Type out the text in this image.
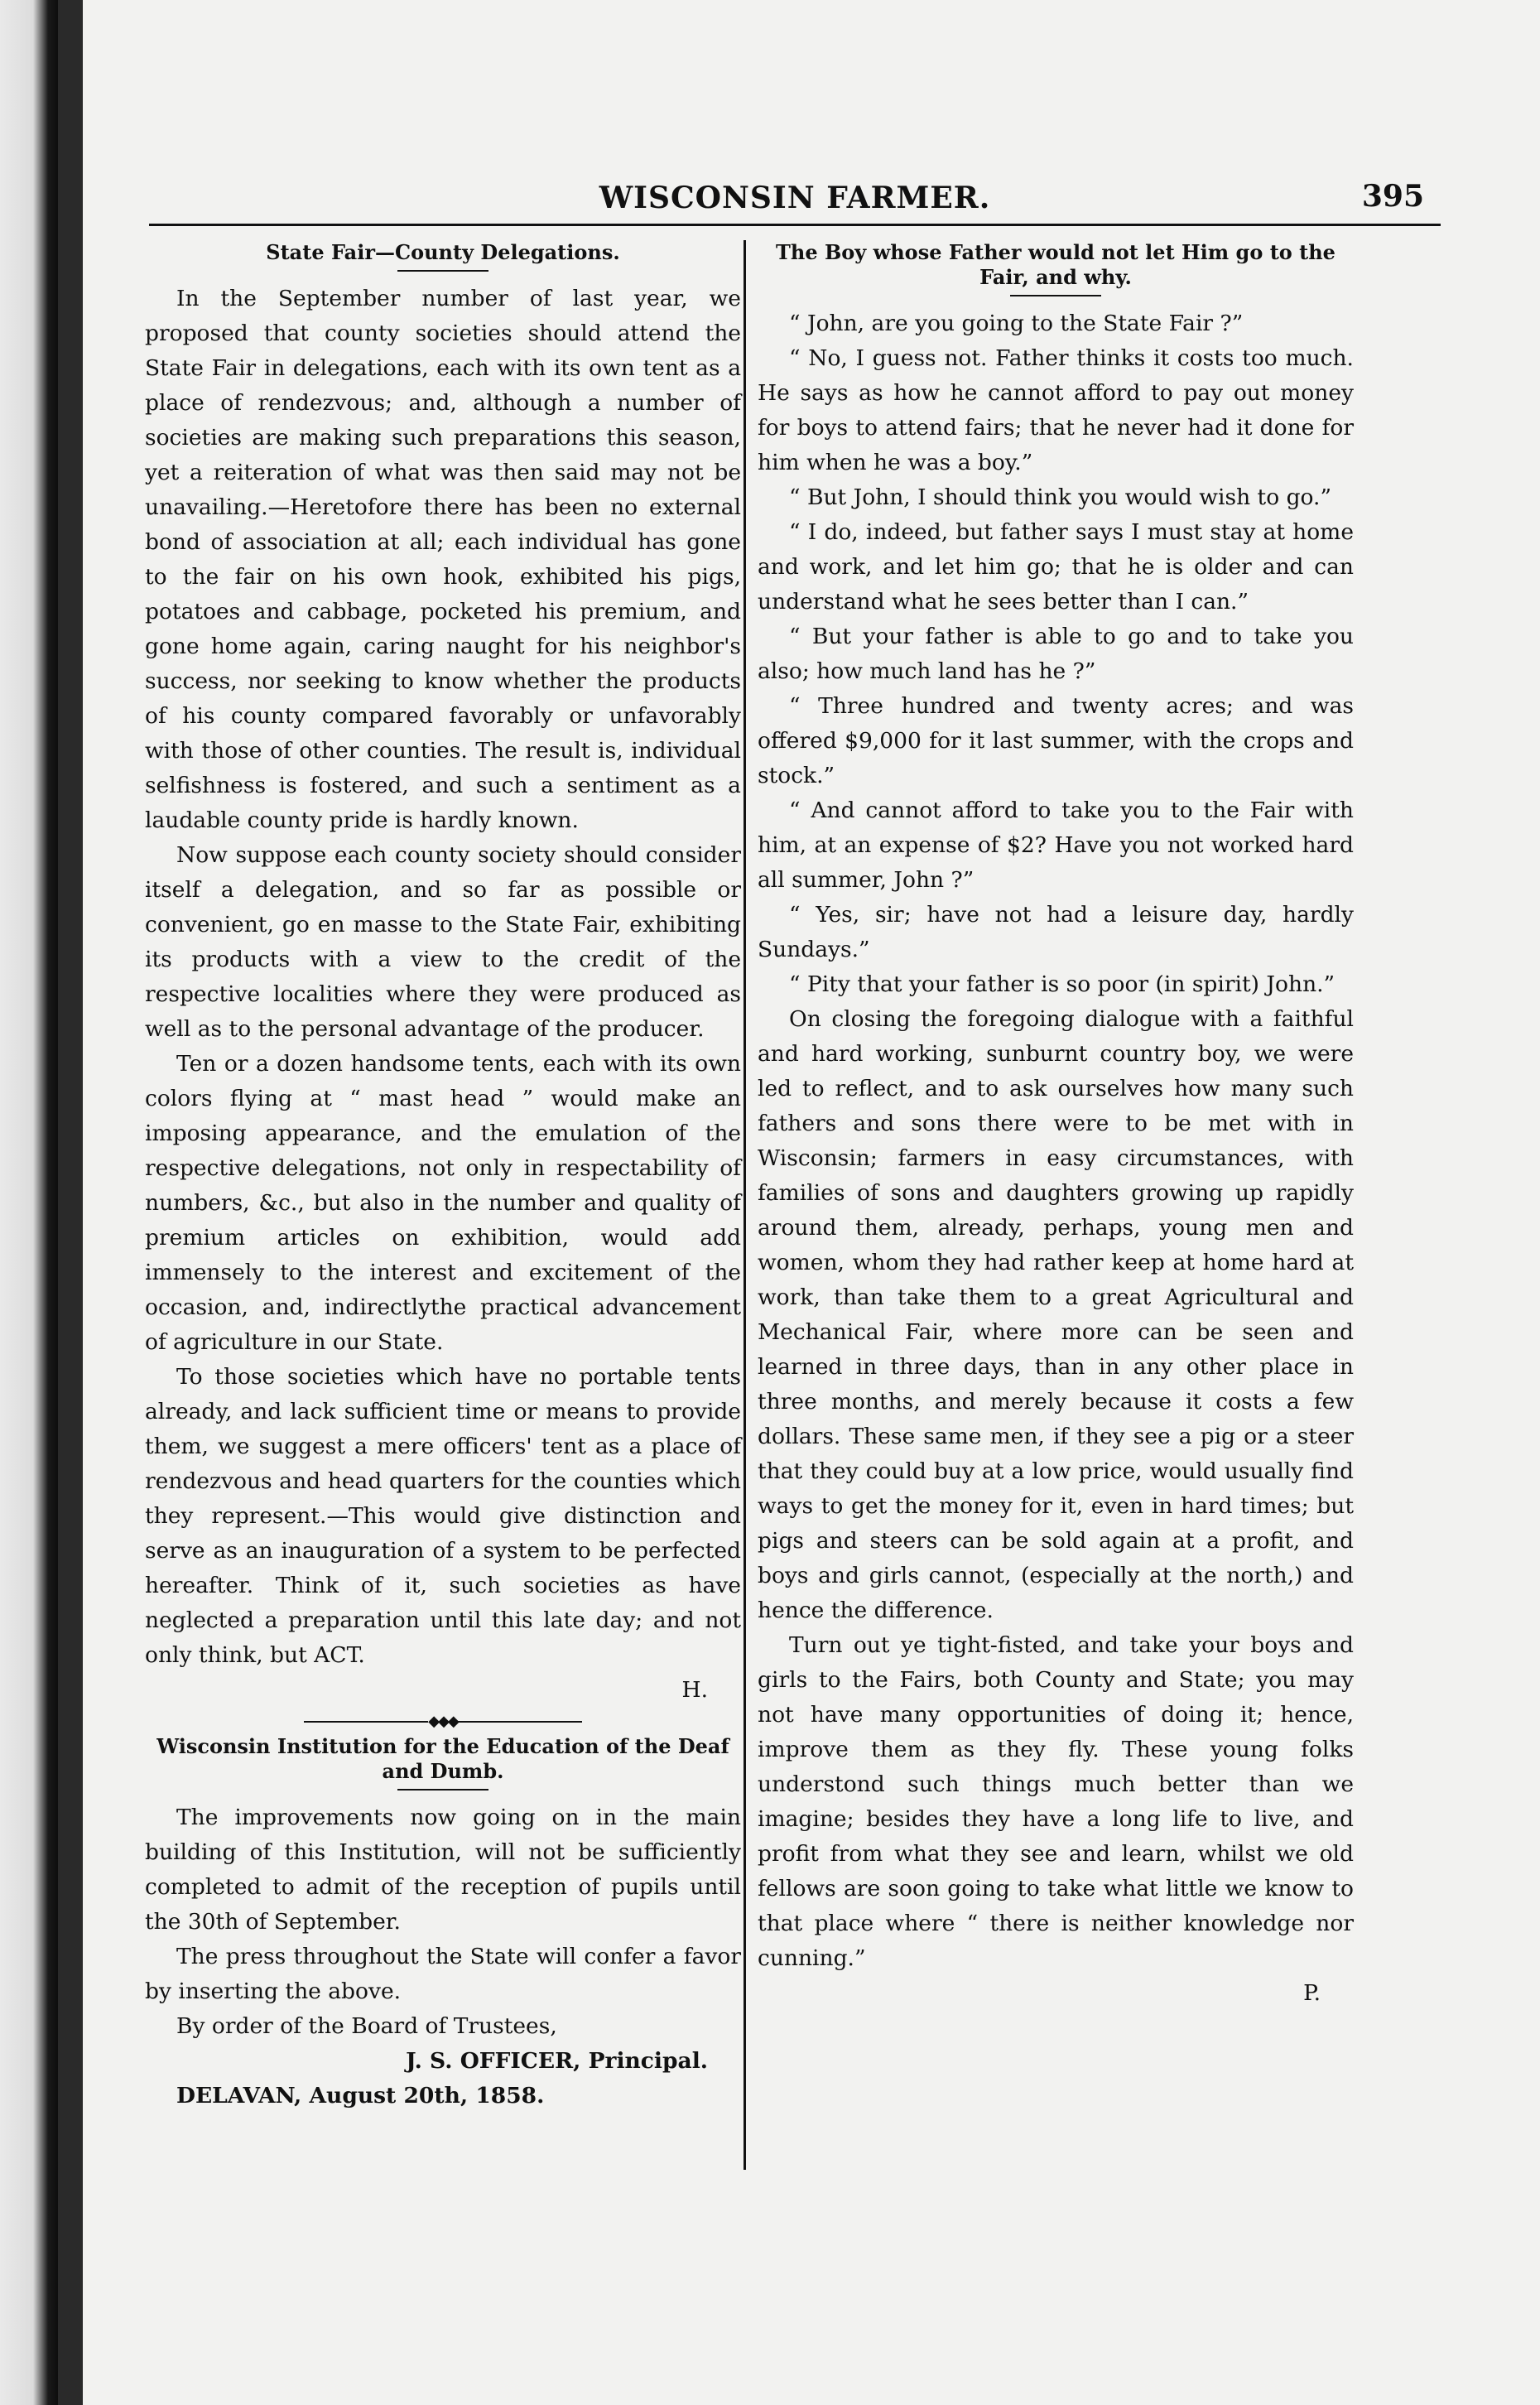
WISCONSIN FARMER.	395
State Fair—County Delegations.

In the September number of last year, we proposed that county societies should attend the State Fair in delegations, each with its own tent as a place of rendezvous; and, although a number of societies are making such preparations this season, yet a reiteration of what was then said may not be unavailing.—Heretofore there has been no external bond of association at all; each individual has gone to the fair on his own hook, exhibited his pigs, potatoes and cabbage, pocketed his premium, and gone home again, caring naught for his neighbor's success, nor seeking to know whether the products of his county compared favorably or unfavorably with those of other counties. The result is, individual selfishness is fostered, and such a sentiment as a laudable county pride is hardly known.

Now suppose each county society should consider itself a delegation, and so far as possible or convenient, go en masse to the State Fair, exhibiting its products with a view to the credit of the respective localities where they were produced as well as to the personal advantage of the producer.

Ten or a dozen handsome tents, each with its own colors flying at “ mast head ” would make an imposing appearance, and the emulation of the respective delegations, not only in respectability of numbers, &c., but also in the number and quality of premium articles on exhibition, would add immensely to the interest and excitement of the occasion, and, indirectlythe practical advancement of agriculture in our State.

To those societies which have no portable tents already, and lack sufficient time or means to provide them, we suggest a mere officers' tent as a place of rendezvous and head quarters for the counties which they represent.—This would give distinction and serve as an inauguration of a system to be perfected hereafter. Think of it, such societies as have neglected a preparation until this late day; and not only think, but ACT.

H.

◆◆◆
Wisconsin Institution for the Education of the Deaf and Dumb.

The improvements now going on in the main building of this Institution, will not be sufficiently completed to admit of the reception of pupils until the 30th of September.

The press throughout the State will confer a favor by inserting the above.

By order of the Board of Trustees,

J. S. OFFICER, Principal.

DELAVAN, August 20th, 1858.

The Boy whose Father would not let Him go to the Fair, and why.

“ John, are you going to the State Fair ?”

“ No, I guess not. Father thinks it costs too much. He says as how he cannot afford to pay out money for boys to attend fairs; that he never had it done for him when he was a boy.”

“ But John, I should think you would wish to go.”

“ I do, indeed, but father says I must stay at home and work, and let him go; that he is older and can understand what he sees better than I can.”

“ But your father is able to go and to take you also; how much land has he ?”

“ Three hundred and twenty acres; and was offered $9,000 for it last summer, with the crops and stock.”

“ And cannot afford to take you to the Fair with him, at an expense of $2? Have you not worked hard all summer, John ?”

“ Yes, sir; have not had a leisure day, hardly Sundays.”

“ Pity that your father is so poor (in spirit) John.”

On closing the foregoing dialogue with a faithful and hard working, sunburnt country boy, we were led to reflect, and to ask ourselves how many such fathers and sons there were to be met with in Wisconsin; farmers in easy circumstances, with families of sons and daughters growing up rapidly around them, already, perhaps, young men and women, whom they had rather keep at home hard at work, than take them to a great Agricultural and Mechanical Fair, where more can be seen and learned in three days, than in any other place in three months, and merely because it costs a few dollars. These same men, if they see a pig or a steer that they could buy at a low price, would usually find ways to get the money for it, even in hard times; but pigs and steers can be sold again at a profit, and boys and girls cannot, (especially at the north,) and hence the difference.

Turn out ye tight-fisted, and take your boys and girls to the Fairs, both County and State; you may not have many opportunities of doing it; hence, improve them as they fly. These young folks understond such things much better than we imagine; besides they have a long life to live, and profit from what they see and learn, whilst we old fellows are soon going to take what little we know to that place where “ there is neither knowledge nor cunning.”

P.
